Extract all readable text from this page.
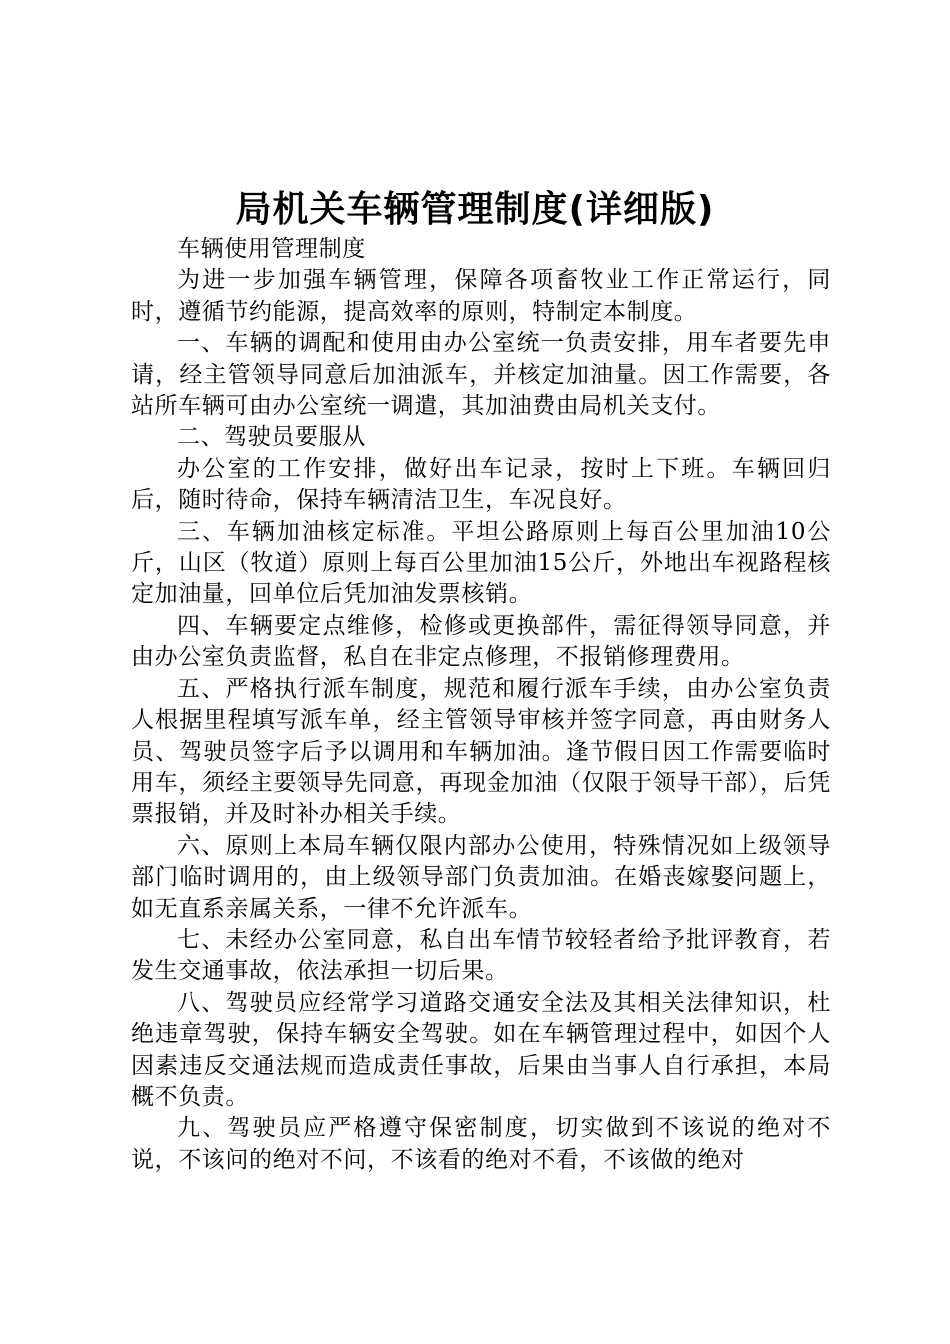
局机关车辆管理制度(详细版)

车辆使用管理制度

为进一步加强车辆管理，保障各项畜牧业工作正常运行，同时，遵循节约能源，提高效率的原则，特制定本制度。

一、车辆的调配和使用由办公室统一负责安排，用车者要先申请，经主管领导同意后加油派车，并核定加油量。因工作需要，各站所车辆可由办公室统一调遣，其加油费由局机关支付。

二、驾驶员要服从

办公室的工作安排，做好出车记录，按时上下班。车辆回归后，随时待命，保持车辆清洁卫生，车况良好。

三、车辆加油核定标准。平坦公路原则上每百公里加油10公斤，山区（牧道）原则上每百公里加油15公斤，外地出车视路程核定加油量，回单位后凭加油发票核销。

四、车辆要定点维修，检修或更换部件，需征得领导同意，并由办公室负责监督，私自在非定点修理，不报销修理费用。

五、严格执行派车制度，规范和履行派车手续，由办公室负责人根据里程填写派车单，经主管领导审核并签字同意，再由财务人员、驾驶员签字后予以调用和车辆加油。逢节假日因工作需要临时用车，须经主要领导先同意，再现金加油（仅限于领导干部），后凭票报销，并及时补办相关手续。

六、原则上本局车辆仅限内部办公使用，特殊情况如上级领导部门临时调用的，由上级领导部门负责加油。在婚丧嫁娶问题上，如无直系亲属关系，一律不允许派车。

七、未经办公室同意，私自出车情节较轻者给予批评教育，若发生交通事故，依法承担一切后果。

八、驾驶员应经常学习道路交通安全法及其相关法律知识，杜绝违章驾驶，保持车辆安全驾驶。如在车辆管理过程中，如因个人因素违反交通法规而造成责任事故，后果由当事人自行承担，本局概不负责。

九、驾驶员应严格遵守保密制度，切实做到不该说的绝对不说，不该问的绝对不问，不该看的绝对不看，不该做的绝对
